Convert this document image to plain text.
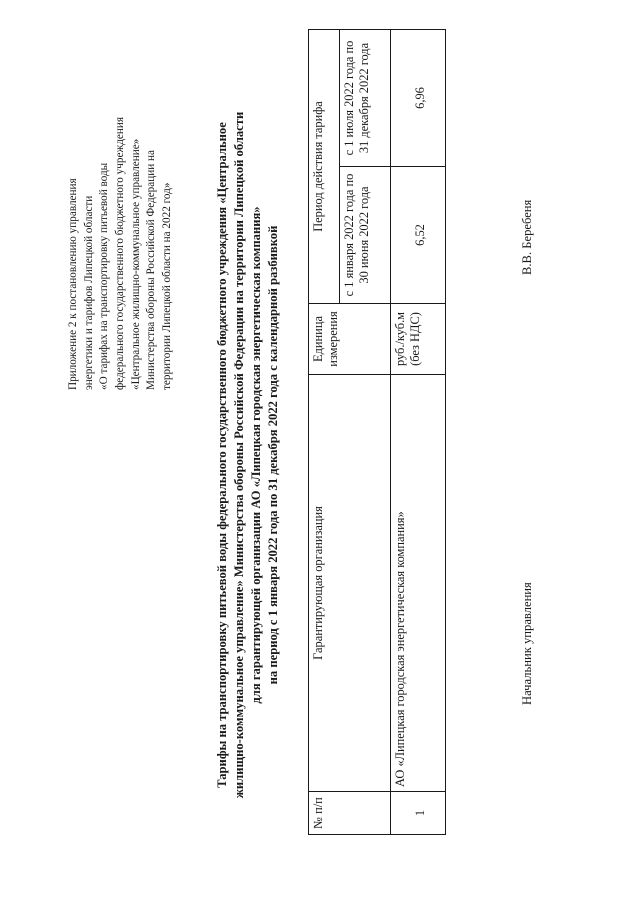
Приложение 2 к постановлению управления энергетики и тарифов Липецкой области «О тарифах на транспортировку питьевой воды федерального государственного бюджетного учреждения «Центральное жилищно-коммунальное управление» Министерства обороны Российской Федерации на территории Липецкой области на 2022 год»	Тарифы на транспортировку питьевой воды федерального государственного бюджетного учреждения «Центральное жилищно-коммунальное управление» Министерства обороны Российской Федерации на территории Липецкой области для гарантирующей организации АО «Липецкая городская энергетическая компания» на период с 1 января 2022 года по 31 декабря 2022 года с календарной разбивкой
№ п/п	Гарантирующая организация	Единица измерения	Период действия тарифа	
			с 1 января 2022 года по 30 июня 2022 года	с 1 июля 2022 года по 31 декабря 2022 года
1	АО «Липецкая городская энергетическая компания»	руб./куб.м (без НДС)	6,52	6,96
Начальник управления
В.В. Беребеня
